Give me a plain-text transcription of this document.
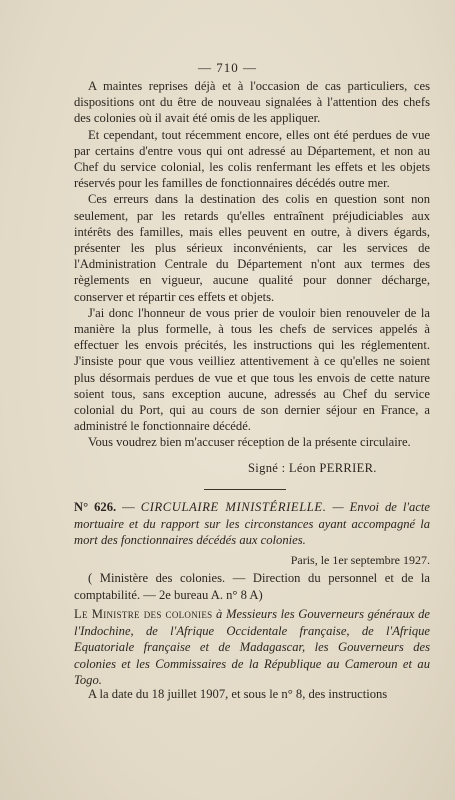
— 710 —

A maintes reprises déjà et à l'occasion de cas particuliers, ces dispositions ont du être de nouveau signalées à l'attention des chefs des colonies où il avait été omis de les appliquer.

Et cependant, tout récemment encore, elles ont été perdues de vue par certains d'entre vous qui ont adressé au Département, et non au Chef du service colonial, les colis renfermant les effets et les objets réservés pour les familles de fonctionnaires décédés outre mer.

Ces erreurs dans la destination des colis en question sont non seulement, par les retards qu'elles entraînent préjudiciables aux intérêts des familles, mais elles peuvent en outre, à divers égards, présenter les plus sérieux inconvénients, car les services de l'Administration Centrale du Département n'ont aux termes des règlements en vigueur, aucune qualité pour donner décharge, conserver et répartir ces effets et objets.

J'ai donc l'honneur de vous prier de vouloir bien renouveler de la manière la plus formelle, à tous les chefs de services appelés à effectuer les envois précités, les instructions qui les réglementent. J'insiste pour que vous veilliez attentivement à ce qu'elles ne soient plus désormais perdues de vue et que tous les envois de cette nature soient tous, sans exception aucune, adressés au Chef du service colonial du Port, qui au cours de son dernier séjour en France, a administré le fonctionnaire décédé.

Vous voudrez bien m'accuser réception de la présente circulaire.

Signé : Léon PERRIER.
N° 626. — CIRCULAIRE MINISTÉRIELLE. — Envoi de l'acte mortuaire et du rapport sur les circonstances ayant accompagné la mort des fonctionnaires décédés aux colonies.
Paris, le 1er septembre 1927.
( Ministère des colonies. — Direction du personnel et de la comptabilité. — 2e bureau A. n° 8 A)
Le Ministre des colonies à Messieurs les Gouverneurs généraux de l'Indochine, de l'Afrique Occidentale française, de l'Afrique Equatoriale française et de Madagascar, les Gouverneurs des colonies et les Commissaires de la République au Cameroun et au Togo.
A la date du 18 juillet 1907, et sous le n° 8, des instructions
